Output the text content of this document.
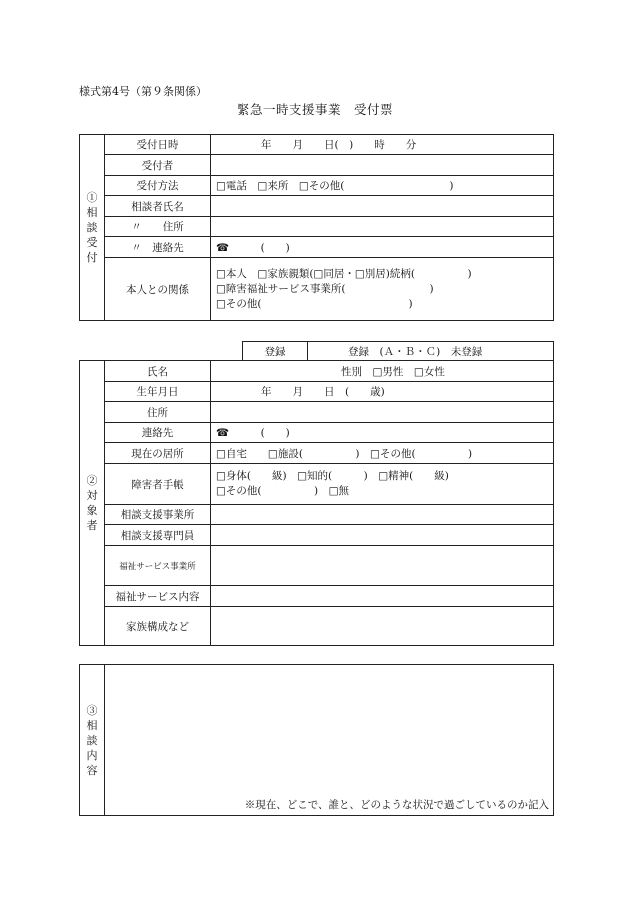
様式第4号（第９条関係）
緊急一時支援事業　受付票
①相談受付	受付日時	年　　月　　日(　)　　時　　分
	受付者	
	受付方法	□電話　□来所　□その他(　　　　　　　　　　)
	相談者氏名	
	〃　　住所	
	〃　連絡先	☎　　　(　　)
	本人との関係	□本人　□家族親類(□同居・□別居)続柄(　　　　　)
□障害福祉サービス事業所(　　　　　　　　)
□その他(　　　　　　　　　　　　　　)
登録	登録　(Ａ・Ｂ・Ｃ)　未登録
②対象者	氏名	性別　□男性　□女性
	生年月日	年　　月　　日　(　　歳)
	住所	
	連絡先	☎　　　(　　)
	現在の居所	□自宅　　□施設(　　　　　)　□その他(　　　　　)
	障害者手帳	□身体(　　級)　□知的(　　　)　□精神(　　級)
□その他(　　　　　)　□無

	相談支援事業所	
	相談支援専門員	
	福祉サービス事業所	
	福祉サービス内容	
	家族構成など	
③相談内容	
※現在、どこで、誰と、どのような状況で過ごしているのか記入
